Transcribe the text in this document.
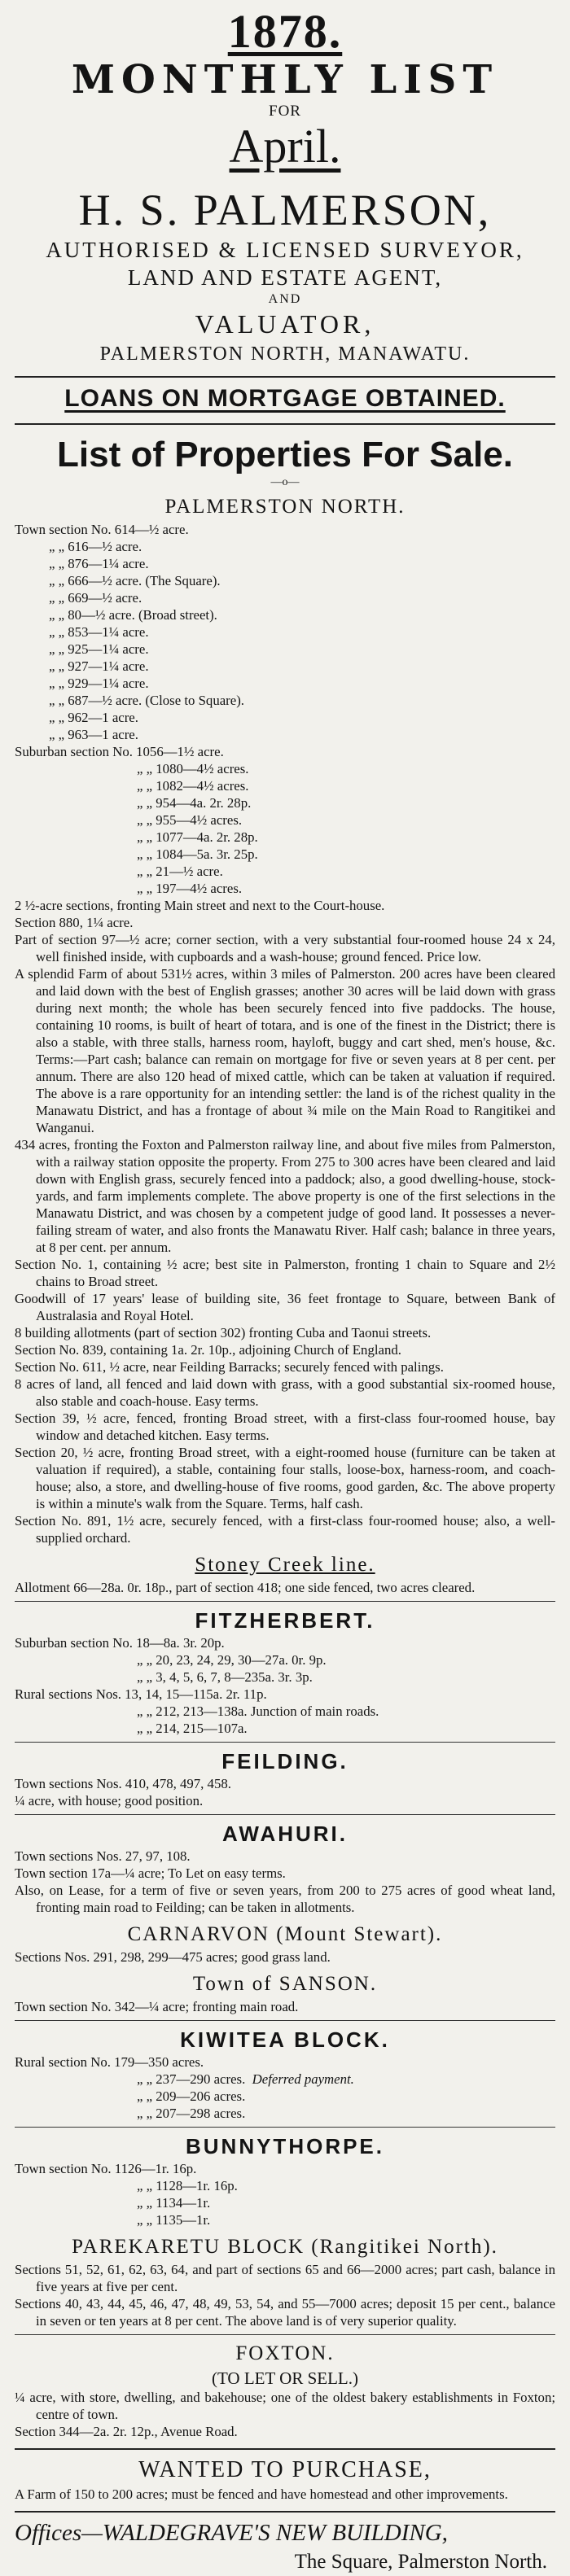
1878.
MONTHLY LIST
FOR
April.
H. S. PALMERSON,
AUTHORISED & LICENSED SURVEYOR,
LAND AND ESTATE AGENT,
AND
VALUATOR,
PALMERSTON NORTH, MANAWATU.
LOANS ON MORTGAGE OBTAINED.
List of Properties For Sale.
—o—
PALMERSTON NORTH.
Town section No. 614—½ acre.
„ „ 616—½ acre.
„ „ 876—1¼ acre.
„ „ 666—½ acre. (The Square).
„ „ 669—½ acre.
„ „ 80—½ acre. (Broad street).
„ „ 853—1¼ acre.
„ „ 925—1¼ acre.
„ „ 927—1¼ acre.
„ „ 929—1¼ acre.
„ „ 687—½ acre. (Close to Square).
„ „ 962—1 acre.
„ „ 963—1 acre.
Suburban section No. 1056—1½ acre.
„ „ 1080—4½ acres.
„ „ 1082—4½ acres.
„ „ 954—4a. 2r. 28p.
„ „ 955—4½ acres.
„ „ 1077—4a. 2r. 28p.
„ „ 1084—5a. 3r. 25p.
„ „ 21—½ acre.
„ „ 197—4½ acres.
2 ½-acre sections, fronting Main street and next to the Court-house.
Section 880, 1¼ acre.
Part of section 97—½ acre; corner section, with a very substantial four-roomed house 24 x 24, well finished inside, with cupboards and a wash-house; ground fenced. Price low.
A splendid Farm of about 531½ acres, within 3 miles of Palmerston. 200 acres have been cleared and laid down with the best of English grasses; another 30 acres will be laid down with grass during next month; the whole has been securely fenced into five paddocks. The house, containing 10 rooms, is built of heart of totara, and is one of the finest in the District; there is also a stable, with three stalls, harness room, hayloft, buggy and cart shed, men's house, &c. Terms:—Part cash; balance can remain on mortgage for five or seven years at 8 per cent. per annum. There are also 120 head of mixed cattle, which can be taken at valuation if required. The above is a rare opportunity for an intending settler: the land is of the richest quality in the Manawatu District, and has a frontage of about ¾ mile on the Main Road to Rangitikei and Wanganui.
434 acres, fronting the Foxton and Palmerston railway line, and about five miles from Palmerston, with a railway station opposite the property. From 275 to 300 acres have been cleared and laid down with English grass, securely fenced into a paddock; also, a good dwelling-house, stock-yards, and farm implements complete. The above property is one of the first selections in the Manawatu District, and was chosen by a competent judge of good land. It possesses a never-failing stream of water, and also fronts the Manawatu River. Half cash; balance in three years, at 8 per cent. per annum.
Section No. 1, containing ½ acre; best site in Palmerston, fronting 1 chain to Square and 2½ chains to Broad street.
Goodwill of 17 years' lease of building site, 36 feet frontage to Square, between Bank of Australasia and Royal Hotel.
8 building allotments (part of section 302) fronting Cuba and Taonui streets.
Section No. 839, containing 1a. 2r. 10p., adjoining Church of England.
Section No. 611, ½ acre, near Feilding Barracks; securely fenced with palings.
8 acres of land, all fenced and laid down with grass, with a good substantial six-roomed house, also stable and coach-house. Easy terms.
Section 39, ½ acre, fenced, fronting Broad street, with a first-class four-roomed house, bay window and detached kitchen. Easy terms.
Section 20, ½ acre, fronting Broad street, with a eight-roomed house (furniture can be taken at valuation if required), a stable, containing four stalls, loose-box, harness-room, and coach-house; also, a store, and dwelling-house of five rooms, good garden, &c. The above property is within a minute's walk from the Square. Terms, half cash.
Section No. 891, 1½ acre, securely fenced, with a first-class four-roomed house; also, a well-supplied orchard.
Stoney Creek line.
Allotment 66—28a. 0r. 18p., part of section 418; one side fenced, two acres cleared.
FITZHERBERT.
Suburban section No. 18—8a. 3r. 20p.
„ „ 20, 23, 24, 29, 30—27a. 0r. 9p.
„ „ 3, 4, 5, 6, 7, 8—235a. 3r. 3p.
Rural sections Nos. 13, 14, 15—115a. 2r. 11p.
„ „ 212, 213—138a. Junction of main roads.
„ „ 214, 215—107a.
FEILDING.
Town sections Nos. 410, 478, 497, 458.
¼ acre, with house; good position.
AWAHURI.
Town sections Nos. 27, 97, 108.
Town section 17a—¼ acre; To Let on easy terms.
Also, on Lease, for a term of five or seven years, from 200 to 275 acres of good wheat land, fronting main road to Feilding; can be taken in allotments.
CARNARVON (Mount Stewart).
Sections Nos. 291, 298, 299—475 acres; good grass land.
Town of SANSON.
Town section No. 342—¼ acre; fronting main road.
KIWITEA BLOCK.
Rural section No. 179—350 acres.
„ „ 237—290 acres. Deferred payment.
„ „ 209—206 acres.
„ „ 207—298 acres.
BUNNYTHORPE.
Town section No. 1126—1r. 16p.
„ „ 1128—1r. 16p.
„ „ 1134—1r.
„ „ 1135—1r.
PAREKARETU BLOCK (Rangitikei North).
Sections 51, 52, 61, 62, 63, 64, and part of sections 65 and 66—2000 acres; part cash, balance in five years at five per cent.
Sections 40, 43, 44, 45, 46, 47, 48, 49, 53, 54, and 55—7000 acres; deposit 15 per cent., balance in seven or ten years at 8 per cent. The above land is of very superior quality.
FOXTON.
(TO LET OR SELL.)
¼ acre, with store, dwelling, and bakehouse; one of the oldest bakery establishments in Foxton; centre of town.
Section 344—2a. 2r. 12p., Avenue Road.
WANTED TO PURCHASE,
A Farm of 150 to 200 acres; must be fenced and have homestead and other improvements.
Offices—WALDEGRAVE'S NEW BUILDING,
The Square, Palmerston North.
